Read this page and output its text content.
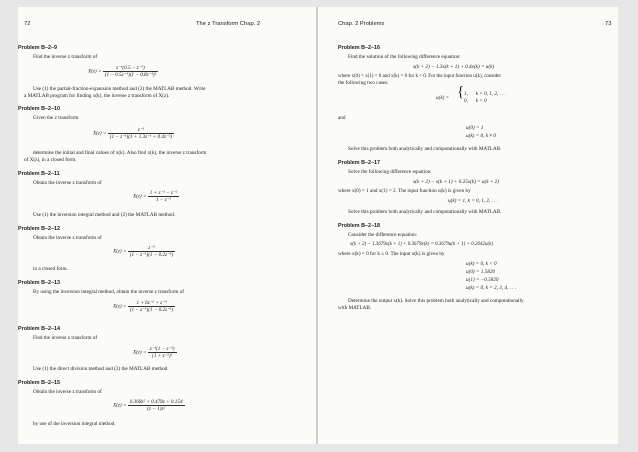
72	The z Transform Chap. 2
Problem B–2–9
Find the inverse z transform of
$X(z) = \frac{\text{z⁻¹(0.5 − z⁻¹)}}{\text{(1 − 0.5z⁻¹)(1 − 0.8z⁻¹)²}}$
Use (1) the partial-fraction-expansion method and (2) the MATLAB method. Write
a MATLAB program for finding x(k), the inverse z transform of X(z).
Problem B–2–10
Given the z transform
$X(z) = \frac{\text{z⁻¹}}{\text{(1 − z⁻¹)(1 + 1.3z⁻¹ + 0.4z⁻²)}}$
determine the initial and final values of x(k). Also find x(k), the inverse z transform
of X(z), in a closed form.
Problem B–2–11
Obtain the inverse z transform of
$X(z) = \frac{\text{1 + z⁻¹ − z⁻²}}{\text{1 − z⁻¹}}$
Use (1) the inversion integral method and (2) the MATLAB method.
Problem B–2–12
Obtain the inverse z transform of
$X(z) = \frac{\text{z⁻³}}{\text{(1 − z⁻¹)(1 − 0.2z⁻¹)}}$
in a closed form.
Problem B–2–13
By using the inversion integral method, obtain the inverse z transform of
$X(z) = \frac{\text{1 + 6z⁻² + z⁻³}}{\text{(1 − z⁻¹)(1 − 0.2z⁻¹)}}$
Problem B–2–14
Find the inverse z transform of
$X(z) = \frac{\text{z⁻¹(1 − z⁻²)}}{\text{(1 + z⁻²)²}}$
Use (1) the direct division method and (2) the MATLAB method.
Problem B–2–15
Obtain the inverse z transform of
$X(z) = \frac{\text{0.368z² + 0.478z + 0.154}}{\text{(z − 1)z²}}$
by use of the inversion integral method.
Chap. 2 Problems	73
Problem B–2–16
Find the solution of the following difference equation:
x(k + 2) − 1.3x(k + 1) + 0.4x(k) = u(k)
where x(0) = x(1) = 0 and x(k) = 0 for k < 0. For the input function u(k), consider
the following two cases:

u(k) =

{

1,      k = 0, 1, 2, . . .

0,      k < 0

and
u(0) = 1
u(k) = 0, k ≠ 0
Solve this problem both analytically and computationally with MATLAB.
Problem B–2–17
Solve the following difference equation:
x(k + 2) − x(k + 1) + 0.25x(k) = u(k + 2)
where x(0) = 1 and x(1) = 2. The input function u(k) is given by
u(k) = 1, k = 0, 1, 2, . . .
Solve this problem both analytically and computationally with MATLAB.
Problem B–2–18
Consider the difference equation:
x(k + 2) − 1.3679x(k + 1) + 0.3679x(k) = 0.3679u(k + 1) + 0.2642u(k)
where x(k) = 0 for k ≤ 0. The input u(k) is given by
u(k) = 0, k < 0
u(0) = 1.5820
u(1) = −0.5820
u(k) = 0, k = 2, 3, 4, . . .
Determine the output x(k). Solve this problem both analytically and computationally
with MATLAB.
